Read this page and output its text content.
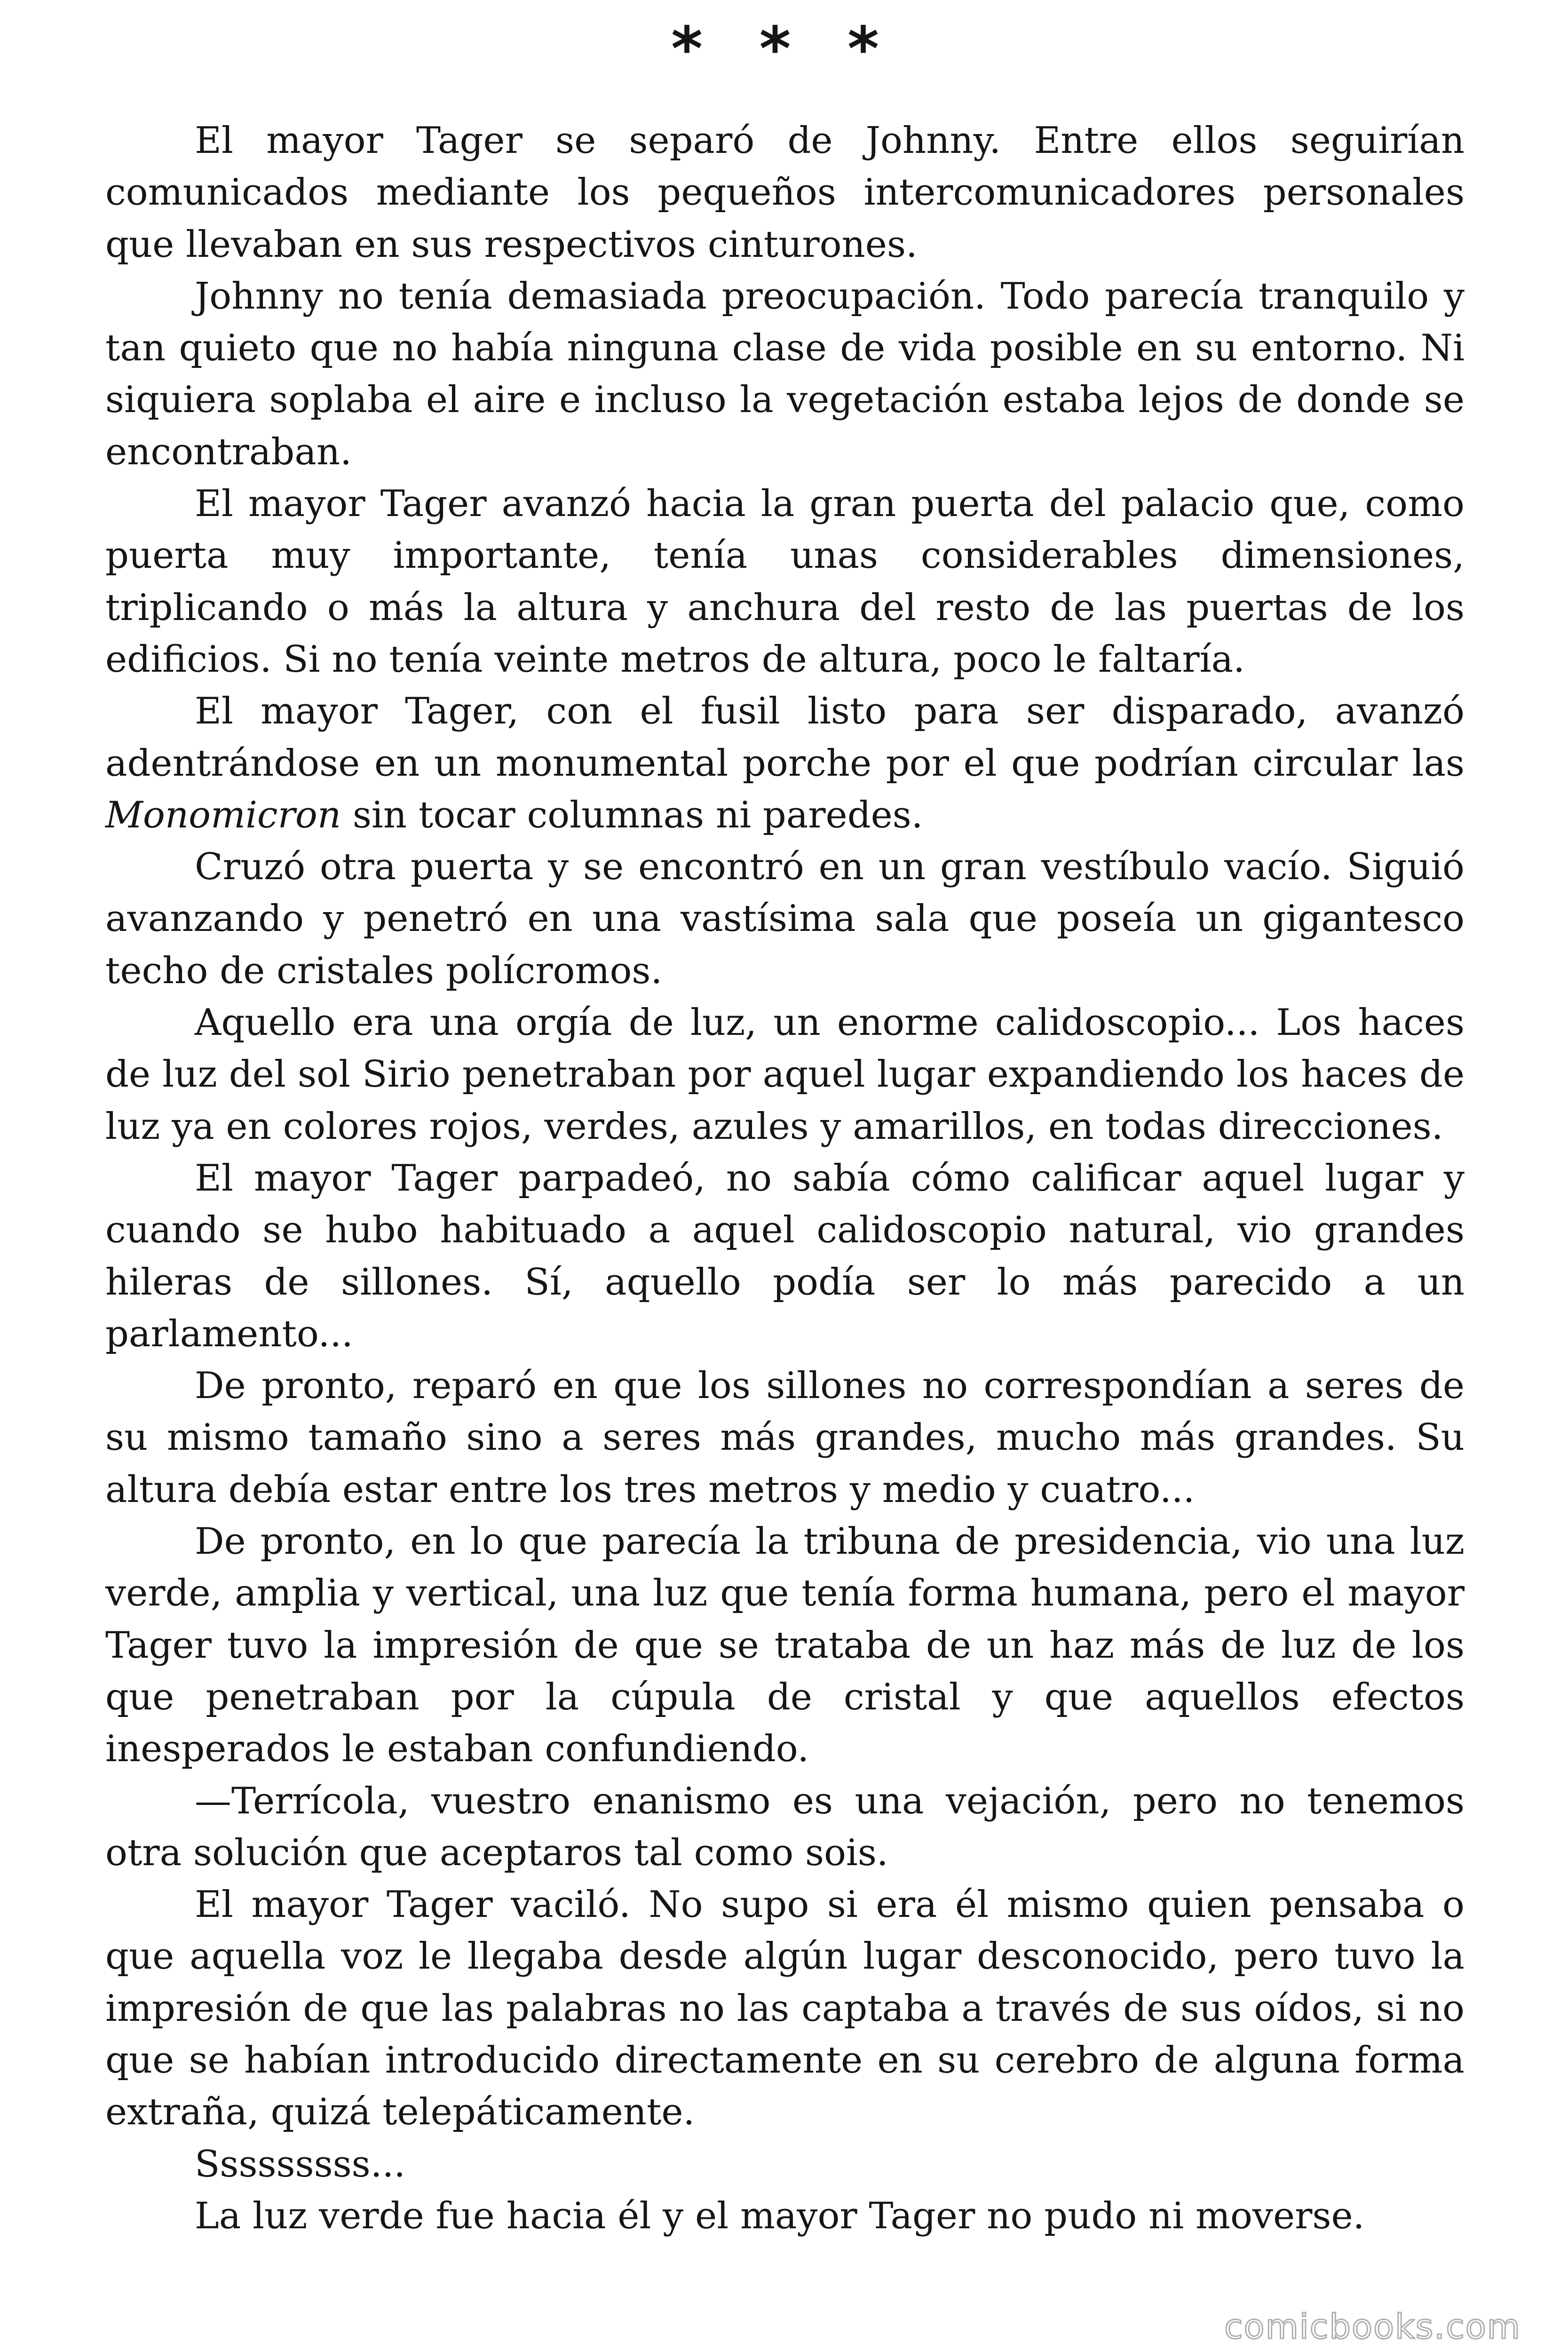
* * *

El mayor Tager se separó de Johnny. Entre ellos seguirían comunicados mediante los pequeños intercomunicadores personales que llevaban en sus respectivos cinturones.

Johnny no tenía demasiada preocupación. Todo parecía tranquilo y tan quieto que no había ninguna clase de vida posible en su entorno. Ni siquiera soplaba el aire e incluso la vegetación estaba lejos de donde se encontraban.

El mayor Tager avanzó hacia la gran puerta del palacio que, como puerta muy importante, tenía unas considerables dimensiones, triplicando o más la altura y anchura del resto de las puertas de los edificios. Si no tenía veinte metros de altura, poco le faltaría.

El mayor Tager, con el fusil listo para ser disparado, avanzó adentrándose en un monumental porche por el que podrían circular las Monomicron sin tocar columnas ni paredes.

Cruzó otra puerta y se encontró en un gran vestíbulo vacío. Siguió avanzando y penetró en una vastísima sala que poseía un gigantesco techo de cristales polícromos.

Aquello era una orgía de luz, un enorme calidoscopio... Los haces de luz del sol Sirio penetraban por aquel lugar expandiendo los haces de luz ya en colores rojos, verdes, azules y amarillos, en todas direcciones.

El mayor Tager parpadeó, no sabía cómo calificar aquel lugar y cuando se hubo habituado a aquel calidoscopio natural, vio grandes hileras de sillones. Sí, aquello podía ser lo más parecido a un parlamento...

De pronto, reparó en que los sillones no correspondían a seres de su mismo tamaño sino a seres más grandes, mucho más grandes. Su altura debía estar entre los tres metros y medio y cuatro...

De pronto, en lo que parecía la tribuna de presidencia, vio una luz verde, amplia y vertical, una luz que tenía forma humana, pero el mayor Tager tuvo la impresión de que se trataba de un haz más de luz de los que penetraban por la cúpula de cristal y que aquellos efectos inesperados le estaban confundiendo.

—Terrícola, vuestro enanismo es una vejación, pero no tenemos otra solución que aceptaros tal como sois.

El mayor Tager vaciló. No supo si era él mismo quien pensaba o que aquella voz le llegaba desde algún lugar desconocido, pero tuvo la impresión de que las palabras no las captaba a través de sus oídos, si no que se habían introducido directamente en su cerebro de alguna forma extraña, quizá telepáticamente.

Sssssssss...

La luz verde fue hacia él y el mayor Tager no pudo ni moverse.

comicbooks.com
